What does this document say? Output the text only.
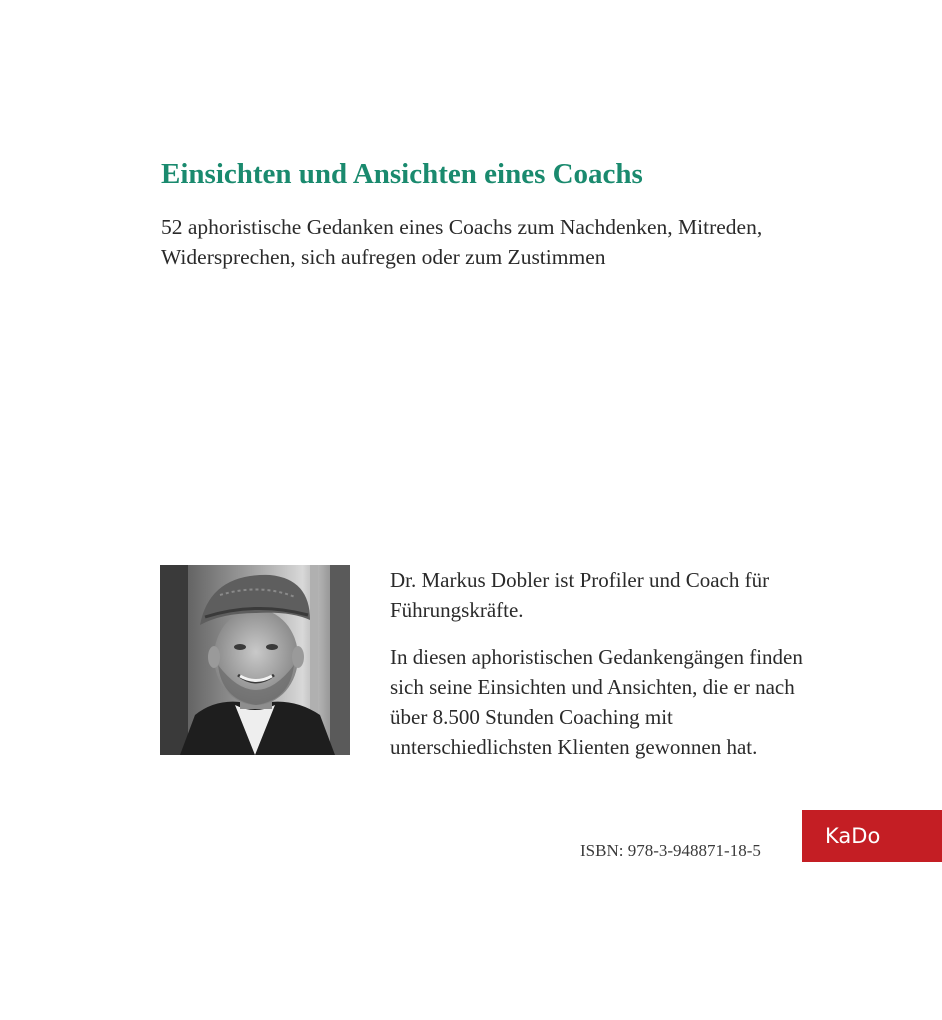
Einsichten und Ansichten eines Coachs

52 aphoristische Gedanken eines Coachs zum Nachdenken, Mitreden, Widersprechen, sich aufregen oder zum Zustimmen

Dr. Markus Dobler ist Profiler und Coach für Führungskräfte.

In diesen aphoristischen Gedankengängen finden sich seine Einsichten und Ansichten, die er nach über 8.500 Stunden Coaching mit unterschiedlichsten Klienten gewonnen hat.

ISBN: 978-3-948871-18-5
KaDo
